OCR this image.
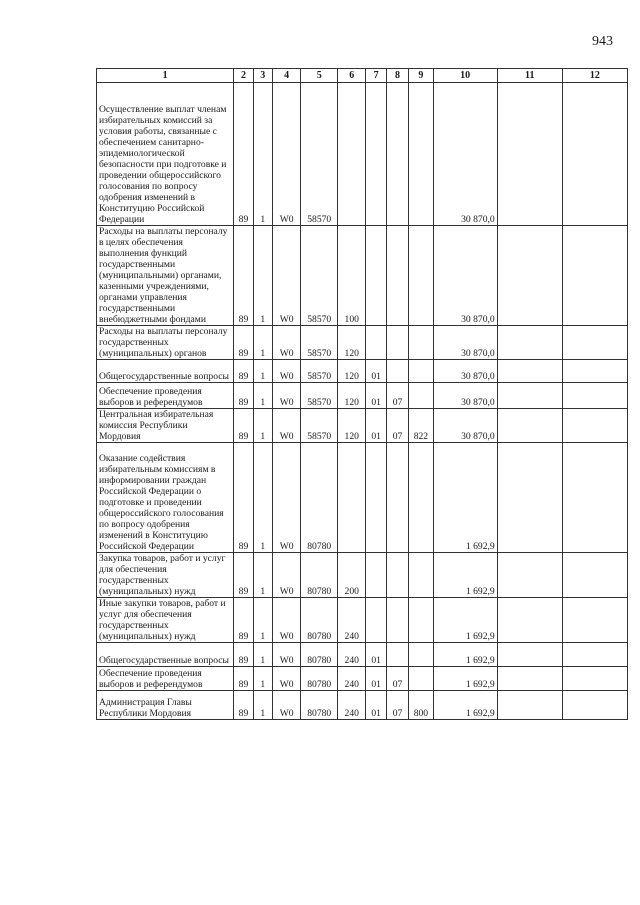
943
1	2	3	4	5	6	7	8	9	10	11	12
Осуществление выплат членам избирательных комиссий за условия работы, связанные с обеспечением санитарно-эпидемиологической безопасности при подготовке и проведении общероссийского голосования по вопросу одобрения изменений в Конституцию Российской Федерации	89	1	W0	58570					30 870,0		
Расходы на выплаты персоналу в целях обеспечения выполнения функций государственными (муниципальными) органами, казенными учреждениями, органами управления государственными внебюджетными фондами	89	1	W0	58570	100				30 870,0		
Расходы на выплаты персоналу государственных (муниципальных) органов	89	1	W0	58570	120				30 870,0		
Общегосударственные вопросы	89	1	W0	58570	120	01			30 870,0		
Обеспечение проведения выборов и референдумов	89	1	W0	58570	120	01	07		30 870,0		
Центральная избирательная комиссия Республики Мордовия	89	1	W0	58570	120	01	07	822	30 870,0		
Оказание содействия избирательным комиссиям в информировании граждан Российской Федерации о подготовке и проведении общероссийского голосования по вопросу одобрения изменений в Конституцию Российской Федерации	89	1	W0	80780					1 692,9		
Закупка товаров, работ и услуг для обеспечения государственных (муниципальных) нужд	89	1	W0	80780	200				1 692,9		
Иные закупки товаров, работ и услуг для обеспечения государственных (муниципальных) нужд	89	1	W0	80780	240				1 692,9		
Общегосударственные вопросы	89	1	W0	80780	240	01			1 692,9		
Обеспечение проведения выборов и референдумов	89	1	W0	80780	240	01	07		1 692,9		
Администрация Главы Республики Мордовия	89	1	W0	80780	240	01	07	800	1 692,9		
